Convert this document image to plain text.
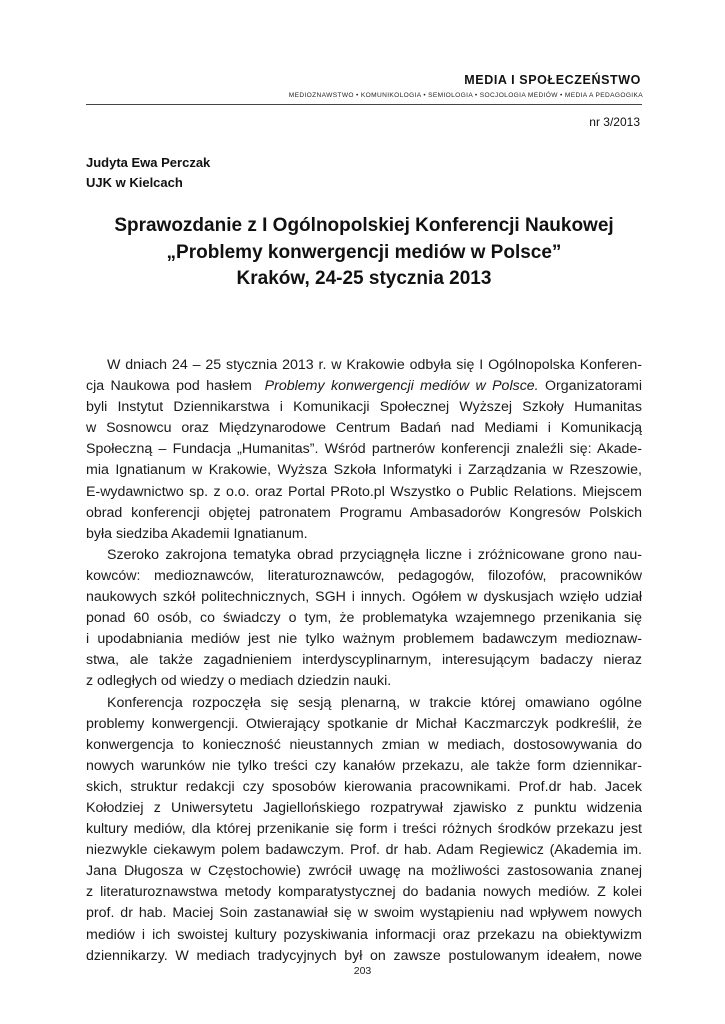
MEDIA I SPOŁECZEŃSTWO
MEDIOZNAWSTWO • KOMUNIKOLOGIA • SEMIOLOGIA • SOCJOLOGIA MEDIÓW • MEDIA A PEDAGOGIKA
nr 3/2013
Judyta Ewa Perczak
UJK w Kielcach
Sprawozdanie z I Ogólnopolskiej Konferencji Naukowej
„Problemy konwergencji mediów w Polsce”
Kraków, 24-25 stycznia 2013

W dniach 24 – 25 stycznia 2013 r. w Krakowie odbyła się I Ogólnopolska Konferen-
cja Naukowa pod hasłem Problemy konwergencji mediów w Polsce. Organizatorami
byli Instytut Dziennikarstwa i Komunikacji Społecznej Wyższej Szkoły Humanitas
w Sosnowcu oraz Międzynarodowe Centrum Badań nad Mediami i Komunikacją
Społeczną – Fundacja „Humanitas”. Wśród partnerów konferencji znaleźli się: Akade-
mia Ignatianum w Krakowie, Wyższa Szkoła Informatyki i Zarządzania w Rzeszowie,
E-wydawnictwo sp. z o.o. oraz Portal PRoto.pl Wszystko o Public Relations. Miejscem
obrad konferencji objętej patronatem Programu Ambasadorów Kongresów Polskich
była siedziba Akademii Ignatianum.

Szeroko zakrojona tematyka obrad przyciągnęła liczne i zróżnicowane grono nau-
kowców: medioznawców, literaturoznawców, pedagogów, filozofów, pracowników
naukowych szkół politechnicznych, SGH i innych. Ogółem w dyskusjach wzięło udział
ponad 60 osób, co świadczy o tym, że problematyka wzajemnego przenikania się
i upodabniania mediów jest nie tylko ważnym problemem badawczym medioznaw-
stwa, ale także zagadnieniem interdyscyplinarnym, interesującym badaczy nieraz
z odległych od wiedzy o mediach dziedzin nauki.

Konferencja rozpoczęła się sesją plenarną, w trakcie której omawiano ogólne
problemy konwergencji. Otwierający spotkanie dr Michał Kaczmarczyk podkreślił, że
konwergencja to konieczność nieustannych zmian w mediach, dostosowywania do
nowych warunków nie tylko treści czy kanałów przekazu, ale także form dziennikar-
skich, struktur redakcji czy sposobów kierowania pracownikami. Prof.dr hab. Jacek
Kołodziej z Uniwersytetu Jagiellońskiego rozpatrywał zjawisko z punktu widzenia
kultury mediów, dla której przenikanie się form i treści różnych środków przekazu jest
niezwykle ciekawym polem badawczym. Prof. dr hab. Adam Regiewicz (Akademia im.
Jana Długosza w Częstochowie) zwrócił uwagę na możliwości zastosowania znanej
z literaturoznawstwa metody komparatystycznej do badania nowych mediów. Z kolei
prof. dr hab. Maciej Soin zastanawiał się w swoim wystąpieniu nad wpływem nowych
mediów i ich swoistej kultury pozyskiwania informacji oraz przekazu na obiektywizm
dziennikarzy. W mediach tradycyjnych był on zawsze postulowanym ideałem, nowe

203
